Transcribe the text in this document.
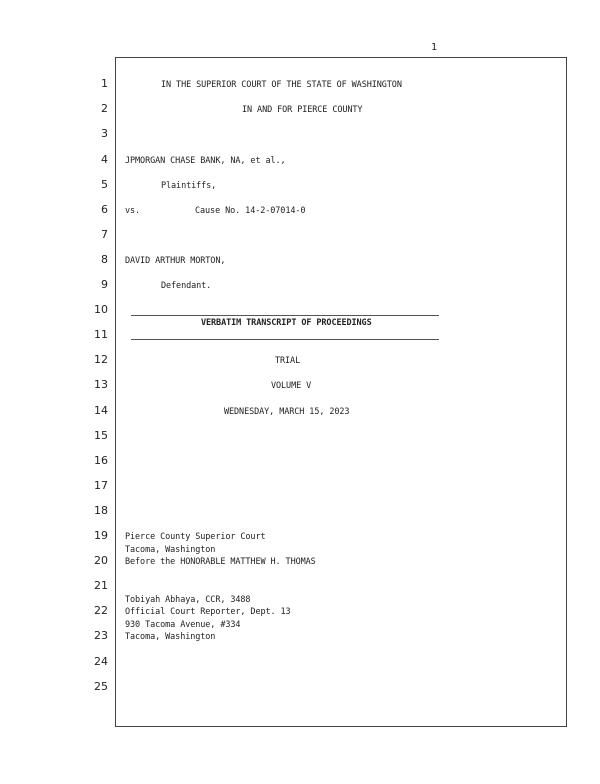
1
1
2
3
4
5
6
7
8
9
10
11
12
13
14
15
16
17
18
19
20
21
22
23
24
25
IN THE SUPERIOR COURT OF THE STATE OF WASHINGTON
IN AND FOR PIERCE COUNTY
JPMORGAN CHASE BANK, NA, et al.,
Plaintiffs,
vs.	Cause No. 14-2-07014-0
DAVID ARTHUR MORTON,
Defendant.
VERBATIM TRANSCRIPT OF PROCEEDINGS
TRIAL
VOLUME V
WEDNESDAY, MARCH 15, 2023
Pierce County Superior Court
Tacoma, Washington
Before the HONORABLE MATTHEW H. THOMAS
Tobiyah Abhaya, CCR, 3488
Official Court Reporter, Dept. 13
930 Tacoma Avenue, #334
Tacoma, Washington
